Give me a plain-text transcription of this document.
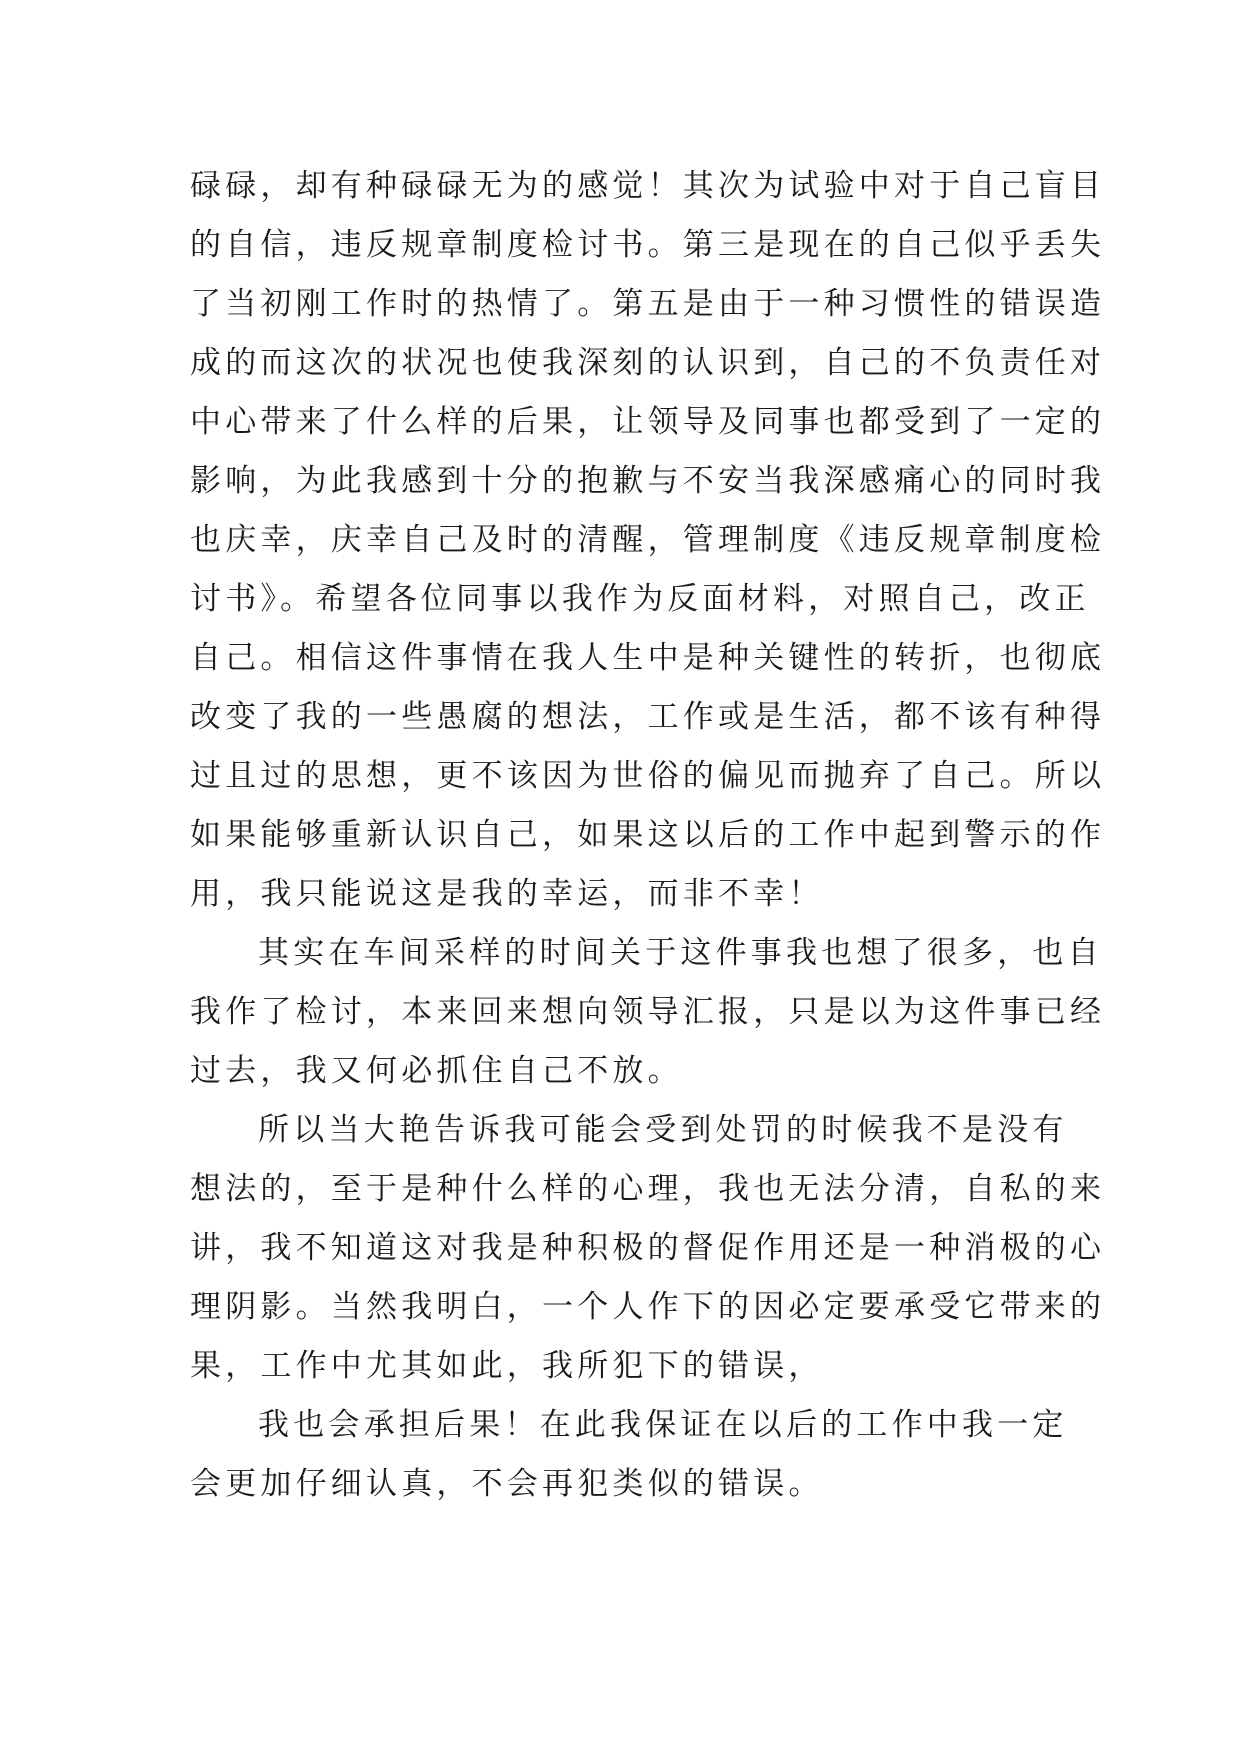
碌碌，却有种碌碌无为的感觉！其次为试验中对于自己盲目
的自信，违反规章制度检讨书。第三是现在的自己似乎丢失
了当初刚工作时的热情了。第五是由于一种习惯性的错误造
成的而这次的状况也使我深刻的认识到，自己的不负责任对
中心带来了什么样的后果，让领导及同事也都受到了一定的
影响，为此我感到十分的抱歉与不安当我深感痛心的同时我
也庆幸，庆幸自己及时的清醒，管理制度《违反规章制度检
讨书》。希望各位同事以我作为反面材料，对照自己，改正
自己。相信这件事情在我人生中是种关键性的转折，也彻底
改变了我的一些愚腐的想法，工作或是生活，都不该有种得
过且过的思想，更不该因为世俗的偏见而抛弃了自己。所以
如果能够重新认识自己，如果这以后的工作中起到警示的作
用，我只能说这是我的幸运，而非不幸！
其实在车间采样的时间关于这件事我也想了很多，也自
我作了检讨，本来回来想向领导汇报，只是以为这件事已经
过去，我又何必抓住自己不放。
所以当大艳告诉我可能会受到处罚的时候我不是没有
想法的，至于是种什么样的心理，我也无法分清，自私的来
讲，我不知道这对我是种积极的督促作用还是一种消极的心
理阴影。当然我明白，一个人作下的因必定要承受它带来的
果，工作中尤其如此，我所犯下的错误，
我也会承担后果！在此我保证在以后的工作中我一定
会更加仔细认真，不会再犯类似的错误。
